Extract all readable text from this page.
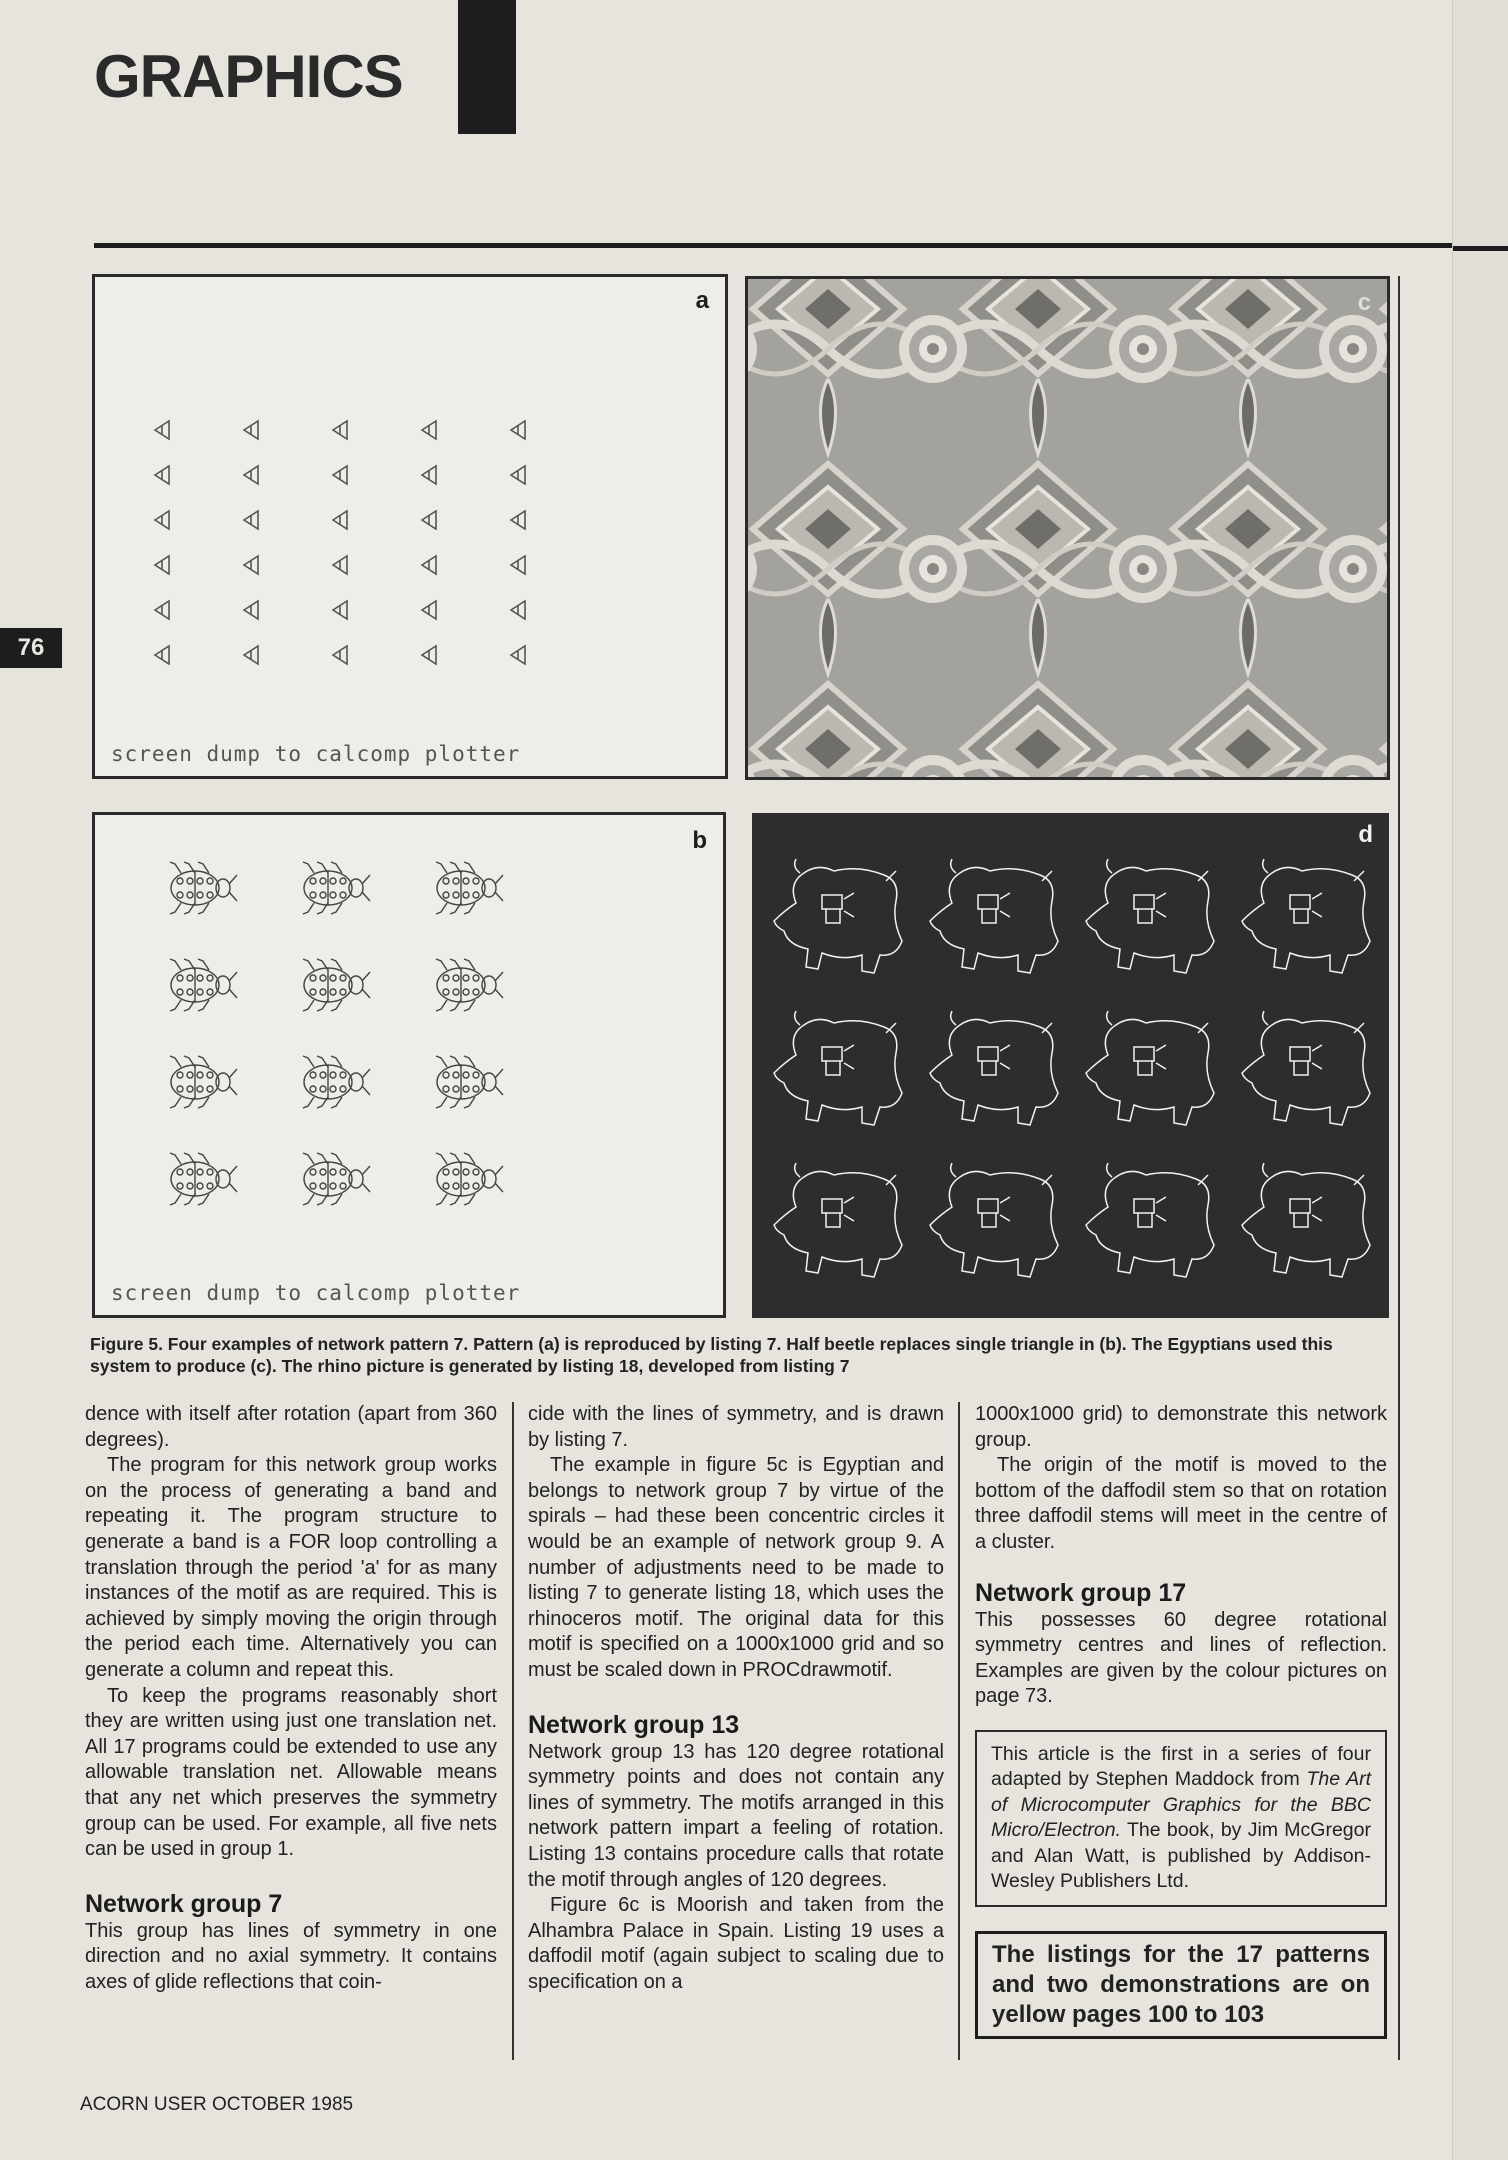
GRAPHICS
76
a
screen dump to calcomp plotter
c
b
screen dump to calcomp plotter
d
Figure 5. Four examples of network pattern 7. Pattern (a) is reproduced by listing 7. Half beetle replaces single triangle in (b). The Egyptians used this system to produce (c). The rhino picture is generated by listing 18, developed from listing 7

dence with itself after rotation (apart from 360 degrees).

The program for this network group works on the process of generating a band and repeating it. The program structure to generate a band is a FOR loop controlling a translation through the period 'a' for as many instances of the motif as are required. This is achieved by simply moving the origin through the period each time. Alternatively you can generate a column and repeat this.

To keep the programs reasonably short they are written using just one translation net. All 17 programs could be extended to use any allowable translation net. Allowable means that any net which preserves the symmetry group can be used. For example, all five nets can be used in group 1.

Network group 7

This group has lines of symmetry in one direction and no axial symmetry. It contains axes of glide reflections that coin-

cide with the lines of symmetry, and is drawn by listing 7.

The example in figure 5c is Egyptian and belongs to network group 7 by virtue of the spirals – had these been concentric circles it would be an example of network group 9. A number of adjustments need to be made to listing 7 to generate listing 18, which uses the rhinoceros motif. The original data for this motif is specified on a 1000x1000 grid and so must be scaled down in PROCdrawmotif.

Network group 13

Network group 13 has 120 degree rotational symmetry points and does not contain any lines of symmetry. The motifs arranged in this network pattern impart a feeling of rotation. Listing 13 contains procedure calls that rotate the motif through angles of 120 degrees.

Figure 6c is Moorish and taken from the Alhambra Palace in Spain. Listing 19 uses a daffodil motif (again subject to scaling due to specification on a

1000x1000 grid) to demonstrate this network group.

The origin of the motif is moved to the bottom of the daffodil stem so that on rotation three daffodil stems will meet in the centre of a cluster.

Network group 17

This possesses 60 degree rotational symmetry centres and lines of reflection. Examples are given by the colour pictures on page 73.

This article is the first in a series of four adapted by Stephen Maddock from The Art of Microcomputer Graphics for the BBC Micro/Electron. The book, by Jim McGregor and Alan Watt, is published by Addison-Wesley Publishers Ltd.
The listings for the 17 patterns and two demonstrations are on yellow pages 100 to 103
ACORN USER OCTOBER 1985
